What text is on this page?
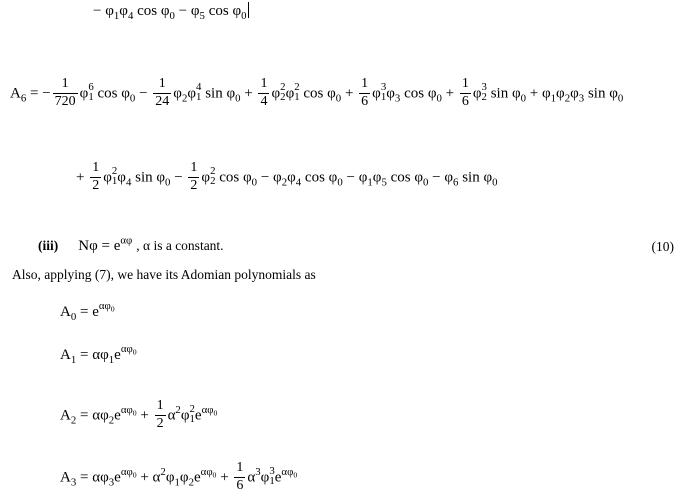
− $\varphi_1\varphi_4$ $\cos \varphi_0 - \varphi_5$ $\cos \varphi_0$
$A_6$ = − $\frac{1}{720}$ φ 6
1 $\cos \varphi_0 - \frac{1}{24} \varphi_2\varphi$ 4
1 $\sin \varphi_0 + \frac{1}{4}$ φ 2
2 φ 2
1 $\cos \varphi_0 + \frac{1}{6}$ φ 3
1 $\varphi_3$ $\cos \varphi_0 + \frac{1}{6}$ φ 3
2 $\sin \varphi_0 + \varphi_1\varphi_2\varphi_3$ $\sin \varphi_0$
+ $\frac{1}{2}$ φ 2
1 $\varphi_4$ $\sin \varphi_0 - \frac{1}{2}$ φ 2
2 $\cos \varphi_0 - \varphi_2\varphi_4$ $\cos \varphi_0 - \varphi_1\varphi_5$ $\cos \varphi_0 - \varphi_6$ $\sin \varphi_0$
(iii) $N\varphi = e^{\alpha\varphi}$ , α is a constant.	(10)
Also, applying (7), we have its Adomian polynomials as
$A_0 = e^{\alpha\varphi_0}$
$A_1 = \alpha\varphi_1e^{\alpha\varphi_0}$
$A_2 = \alpha\varphi_2e^{\alpha\varphi_0} + \frac{1}{2} \alpha^2\varphi$ 2
1 $e^{\alpha\varphi_0}$
$A_3 = \alpha\varphi_3e^{\alpha\varphi_0} + \alpha^2\varphi_1\varphi_2e^{\alpha\varphi_0} + \frac{1}{6} \alpha^3\varphi$ 3
1 $e^{\alpha\varphi_0}$
